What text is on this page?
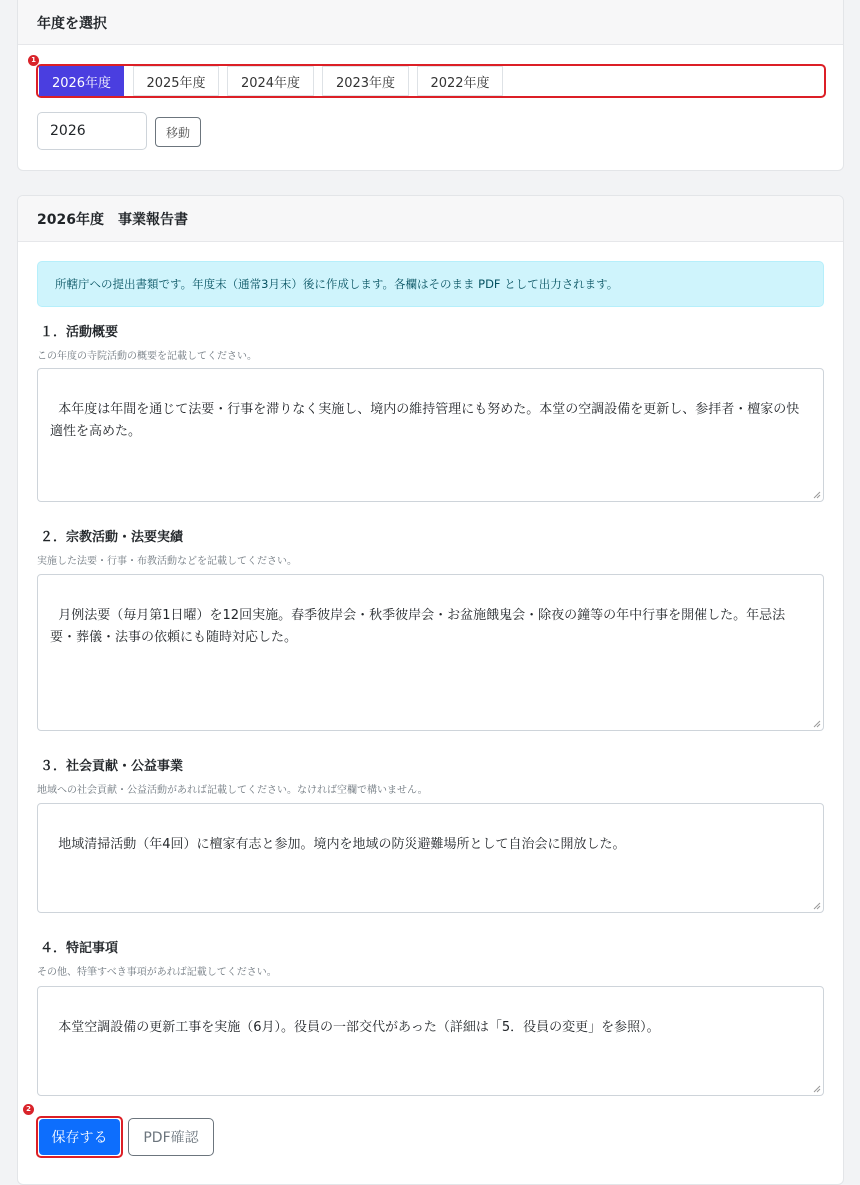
年度を選択
1
2026年度	2025年度	2024年度	2023年度	2022年度
2026	移動
2026年度　事業報告書
所轄庁への提出書類です。年度末（通常3月末）後に作成します。各欄はそのまま PDF として出力されます。
１．活動概要
この年度の寺院活動の概要を記載してください。

本年度は年間を通じて法要・行事を滞りなく実施し、境内の維持管理にも努めた。本堂の空調設備を更新し、参拝者・檀家の快適性を高めた。

２．宗教活動・法要実績
実施した法要・行事・布教活動などを記載してください。

月例法要（毎月第1日曜）を12回実施。春季彼岸会・秋季彼岸会・お盆施餓鬼会・除夜の鐘等の年中行事を開催した。年忌法要・葬儀・法事の依頼にも随時対応した。

３．社会貢献・公益事業
地域への社会貢献・公益活動があれば記載してください。なければ空欄で構いません。

地域清掃活動（年4回）に檀家有志と参加。境内を地域の防災避難場所として自治会に開放した。

４．特記事項
その他、特筆すべき事項があれば記載してください。

本堂空調設備の更新工事を実施（6月）。役員の一部交代があった（詳細は「5．役員の変更」を参照）。

2
保存する	PDF確認
